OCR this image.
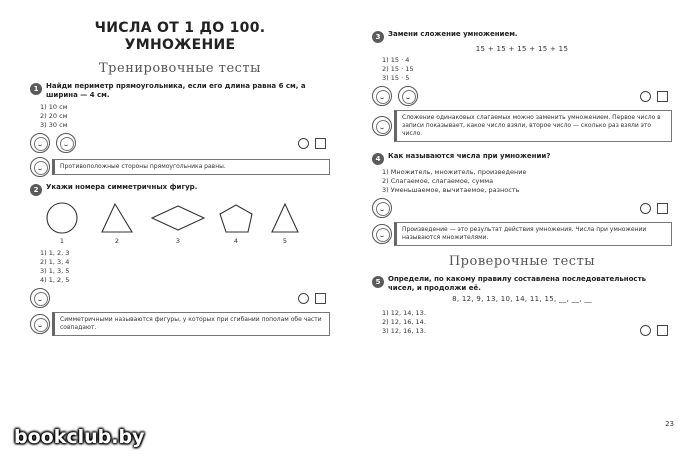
ЧИСЛА ОТ 1 ДО 100.
УМНОЖЕНИЕ
Тренировочные тесты
1	Найди периметр прямоугольника, если его длина равна 6 см, а ширина — 4 см.
1) 10 см
2) 20 см
3) 30 см
Противоположные стороны прямоугольника равны.
2	Укажи номера симметричных фигур.
1	2	3	4	5
1) 1, 2, 3
2) 1, 3, 4
3) 1, 3, 5
4) 1, 2, 5
Симметричными называются фигуры, у которых при сгибании пополам обе части совпадают.
3	Замени сложение умножением.
15 + 15 + 15 + 15 + 15
1) 15 · 4
2) 15 · 15
3) 15 · 5
Сложение одинаковых слагаемых можно заменить умножением. Первое число в записи показывает, какое число взяли, второе число — сколько раз взяли это число.
4	Как называются числа при умножении?
1) Множитель, множитель, произведение
2) Слагаемое, слагаемое, сумма
3) Уменьшаемое, вычитаемое, разность
Произведение — это результат действия умножения. Числа при умножении называются множителями.
Проверочные тесты
5	Определи, по какому правилу составлена последовательность чисел, и продолжи её.
8, 12, 9, 13, 10, 14, 11, 15, __, __, __
1) 12, 14, 13.
2) 12, 16, 14.
3) 12, 16, 13.
23
bookclub.by
